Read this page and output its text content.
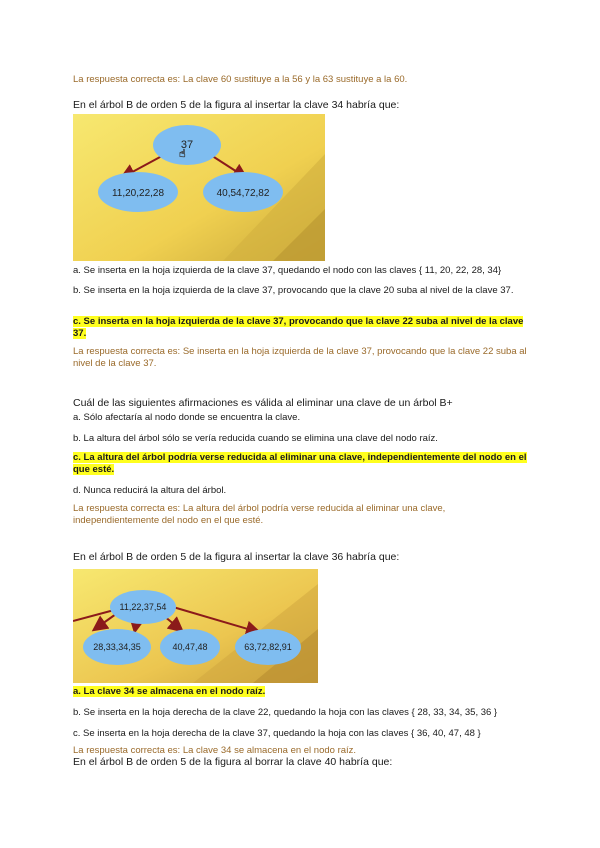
La respuesta correcta es: La clave 60 sustituye a la 56 y la 63 sustituye a la 60.
En el árbol B de orden 5 de la figura al insertar la clave 34 habría que:
37
☝
11,20,22,28	40,54,72,82
a. Se inserta en la hoja izquierda de la clave 37, quedando el nodo con las claves { 11, 20, 22, 28, 34}
b. Se inserta en la hoja izquierda de la clave 37, provocando que la clave 20 suba al nivel de la clave 37.
c. Se inserta en la hoja izquierda de la clave 37, provocando que la clave 22 suba al nivel de la clave 37.
La respuesta correcta es: Se inserta en la hoja izquierda de la clave 37, provocando que la clave 22 suba al nivel de la clave 37.
Cuál de las siguientes afirmaciones es válida al eliminar una clave de un árbol B+
a. Sólo afectaría al nodo donde se encuentra la clave.
b. La altura del árbol sólo se vería reducida cuando se elimina una clave del nodo raíz.
c. La altura del árbol podría verse reducida al eliminar una clave, independientemente del nodo en el que esté.
d. Nunca reducirá la altura del árbol.
La respuesta correcta es: La altura del árbol podría verse reducida al eliminar una clave, independientemente del nodo en el que esté.
En el árbol B de orden 5 de la figura al insertar la clave 36 habría que:
11,22,37,54
28,33,34,35	40,47,48	63,72,82,91
a. La clave 34 se almacena en el nodo raíz.
b. Se inserta en la hoja derecha de la clave 22, quedando la hoja con las claves { 28, 33, 34, 35, 36 }
c. Se inserta en la hoja derecha de la clave 37, quedando la hoja con las claves { 36, 40, 47, 48 }
La respuesta correcta es: La clave 34 se almacena en el nodo raíz.
En el árbol B de orden 5 de la figura al borrar la clave 40 habría que:
